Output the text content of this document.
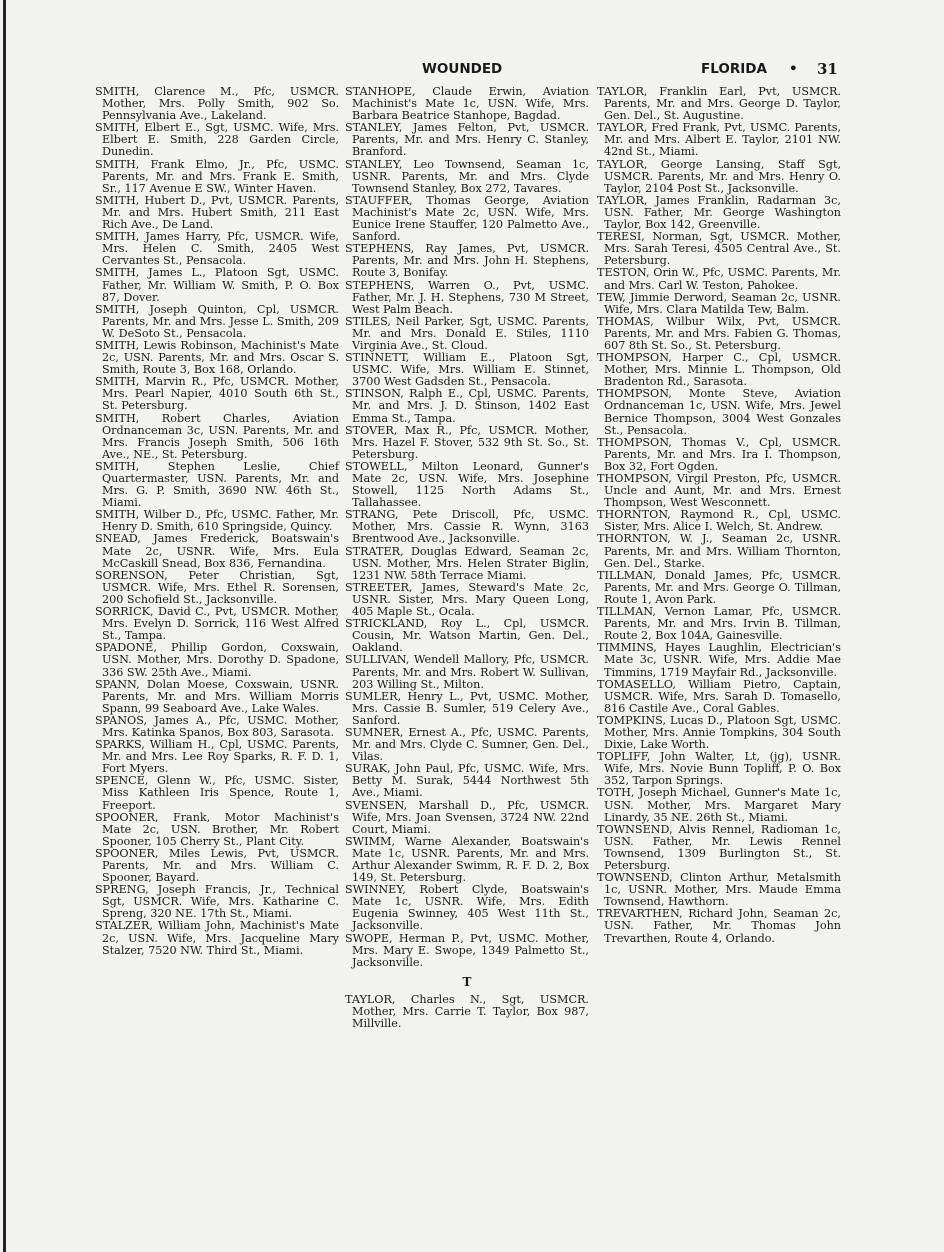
WOUNDED	FLORIDA • 31

SMITH, Clarence M., Pfc, USMCR. Mother, Mrs. Polly Smith, 902 So. Pennsylvania Ave., Lakeland.

SMITH, Elbert E., Sgt, USMC. Wife, Mrs. Elbert E. Smith, 228 Garden Circle, Dunedin.

SMITH, Frank Elmo, Jr., Pfc, USMC. Parents, Mr. and Mrs. Frank E. Smith, Sr., 117 Avenue E SW., Winter Haven.

SMITH, Hubert D., Pvt, USMCR. Parents, Mr. and Mrs. Hubert Smith, 211 East Rich Ave., De Land.

SMITH, James Harry, Pfc, USMCR. Wife, Mrs. Helen C. Smith, 2405 West Cervantes St., Pensacola.

SMITH, James L., Platoon Sgt, USMC. Father, Mr. William W. Smith, P. O. Box 87, Dover.

SMITH, Joseph Quinton, Cpl, USMCR. Parents, Mr. and Mrs. Jesse L. Smith, 209 W. DeSoto St., Pensacola.

SMITH, Lewis Robinson, Machinist's Mate 2c, USN. Parents, Mr. and Mrs. Oscar S. Smith, Route 3, Box 168, Orlando.

SMITH, Marvin R., Pfc, USMCR. Mother, Mrs. Pearl Napier, 4010 South 6th St., St. Petersburg.

SMITH, Robert Charles, Aviation Ordnanceman 3c, USN. Parents, Mr. and Mrs. Francis Joseph Smith, 506 16th Ave., NE., St. Petersburg.

SMITH, Stephen Leslie, Chief Quartermaster, USN. Parents, Mr. and Mrs. G. P. Smith, 3690 NW. 46th St., Miami.

SMITH, Wilber D., Pfc, USMC. Father, Mr. Henry D. Smith, 610 Springside, Quincy.

SNEAD, James Frederick, Boatswain's Mate 2c, USNR. Wife, Mrs. Eula McCaskill Snead, Box 836, Fernandina.

SORENSON, Peter Christian, Sgt, USMCR. Wife, Mrs. Ethel R. Sorensen, 200 Schofield St., Jacksonville.

SORRICK, David C., Pvt, USMCR. Mother, Mrs. Evelyn D. Sorrick, 116 West Alfred St., Tampa.

SPADONE, Phillip Gordon, Coxswain, USN. Mother, Mrs. Dorothy D. Spadone, 336 SW. 25th Ave., Miami.

SPANN, Dolan Moese, Coxswain, USNR. Parents, Mr. and Mrs. William Morris Spann, 99 Seaboard Ave., Lake Wales.

SPANOS, James A., Pfc, USMC. Mother, Mrs. Katinka Spanos, Box 803, Sarasota.

SPARKS, William H., Cpl, USMC. Parents, Mr. and Mrs. Lee Roy Sparks, R. F. D. 1, Fort Myers.

SPENCE, Glenn W., Pfc, USMC. Sister, Miss Kathleen Iris Spence, Route 1, Freeport.

SPOONER, Frank, Motor Machinist's Mate 2c, USN. Brother, Mr. Robert Spooner, 105 Cherry St., Plant City.

SPOONER, Miles Lewis, Pvt, USMCR. Parents, Mr. and Mrs. William C. Spooner, Bayard.

SPRENG, Joseph Francis, Jr., Technical Sgt, USMCR. Wife, Mrs. Katharine C. Spreng, 320 NE. 17th St., Miami.

STALZER, William John, Machinist's Mate 2c, USN. Wife, Mrs. Jacqueline Mary Stalzer, 7520 NW. Third St., Miami.

STANHOPE, Claude Erwin, Aviation Machinist's Mate 1c, USN. Wife, Mrs. Barbara Beatrice Stanhope, Bagdad.

STANLEY, James Felton, Pvt, USMCR. Parents, Mr. and Mrs. Henry C. Stanley, Branford.

STANLEY, Leo Townsend, Seaman 1c, USNR. Parents, Mr. and Mrs. Clyde Townsend Stanley, Box 272, Tavares.

STAUFFER, Thomas George, Aviation Machinist's Mate 2c, USN. Wife, Mrs. Eunice Irene Stauffer, 120 Palmetto Ave., Sanford.

STEPHENS, Ray James, Pvt, USMCR. Parents, Mr. and Mrs. John H. Stephens, Route 3, Bonifay.

STEPHENS, Warren O., Pvt, USMC. Father, Mr. J. H. Stephens, 730 M Street, West Palm Beach.

STILES, Neil Parker, Sgt, USMC. Parents, Mr. and Mrs. Donald E. Stiles, 1110 Virginia Ave., St. Cloud.

STINNETT, William E., Platoon Sgt, USMC. Wife, Mrs. William E. Stinnet, 3700 West Gadsden St., Pensacola.

STINSON, Ralph E., Cpl, USMC. Parents, Mr. and Mrs. J. D. Stinson, 1402 East Emma St., Tampa.

STOVER, Max R., Pfc, USMCR. Mother, Mrs. Hazel F. Stover, 532 9th St. So., St. Petersburg.

STOWELL, Milton Leonard, Gunner's Mate 2c, USN. Wife, Mrs. Josephine Stowell, 1125 North Adams St., Tallahassee.

STRANG, Pete Driscoll, Pfc, USMC. Mother, Mrs. Cassie R. Wynn, 3163 Brentwood Ave., Jacksonville.

STRATER, Douglas Edward, Seaman 2c, USN. Mother, Mrs. Helen Strater Biglin, 1231 NW. 58th Terrace Miami.

STREETER, James, Steward's Mate 2c, USNR. Sister, Mrs. Mary Queen Long, 405 Maple St., Ocala.

STRICKLAND, Roy L., Cpl, USMCR. Cousin, Mr. Watson Martin, Gen. Del., Oakland.

SULLIVAN, Wendell Mallory, Pfc, USMCR. Parents, Mr. and Mrs. Robert W. Sullivan, 203 Willing St., Milton.

SUMLER, Henry L., Pvt, USMC. Mother, Mrs. Cassie B. Sumler, 519 Celery Ave., Sanford.

SUMNER, Ernest A., Pfc, USMC. Parents, Mr. and Mrs. Clyde C. Sumner, Gen. Del., Vilas.

SURAK, John Paul, Pfc, USMC. Wife, Mrs. Betty M. Surak, 5444 Northwest 5th Ave., Miami.

SVENSEN, Marshall D., Pfc, USMCR. Wife, Mrs. Joan Svensen, 3724 NW. 22nd Court, Miami.

SWIMM, Warne Alexander, Boatswain's Mate 1c, USNR. Parents, Mr. and Mrs. Arthur Alexander Swimm, R. F. D. 2, Box 149, St. Petersburg.

SWINNEY, Robert Clyde, Boatswain's Mate 1c, USNR. Wife, Mrs. Edith Eugenia Swinney, 405 West 11th St., Jacksonville.

SWOPE, Herman P., Pvt, USMC. Mother, Mrs. Mary E. Swope, 1349 Palmetto St., Jacksonville.

T

TAYLOR, Charles N., Sgt, USMCR. Mother, Mrs. Carrie T. Taylor, Box 987, Millville.

TAYLOR, Franklin Earl, Pvt, USMCR. Parents, Mr. and Mrs. George D. Taylor, Gen. Del., St. Augustine.

TAYLOR, Fred Frank, Pvt, USMC. Parents, Mr. and Mrs. Albert E. Taylor, 2101 NW. 42nd St., Miami.

TAYLOR, George Lansing, Staff Sgt, USMCR. Parents, Mr. and Mrs. Henry O. Taylor, 2104 Post St., Jacksonville.

TAYLOR, James Franklin, Radarman 3c, USN. Father, Mr. George Washington Taylor, Box 142, Greenville.

TERESI, Norman, Sgt, USMCR. Mother, Mrs. Sarah Teresi, 4505 Central Ave., St. Petersburg.

TESTON, Orin W., Pfc, USMC. Parents, Mr. and Mrs. Carl W. Teston, Pahokee.

TEW, Jimmie Derword, Seaman 2c, USNR. Wife, Mrs. Clara Matilda Tew, Balm.

THOMAS, Wilbur Wilx, Pvt, USMCR. Parents, Mr. and Mrs. Fabien G. Thomas, 607 8th St. So., St. Petersburg.

THOMPSON, Harper C., Cpl, USMCR. Mother, Mrs. Minnie L. Thompson, Old Bradenton Rd., Sarasota.

THOMPSON, Monte Steve, Aviation Ordnanceman 1c, USN. Wife, Mrs. Jewel Bernice Thompson, 3004 West Gonzales St., Pensacola.

THOMPSON, Thomas V., Cpl, USMCR. Parents, Mr. and Mrs. Ira I. Thompson, Box 32, Fort Ogden.

THOMPSON, Virgil Preston, Pfc, USMCR. Uncle and Aunt, Mr. and Mrs. Ernest Thompson, West Wesconnett.

THORNTON, Raymond R., Cpl, USMC. Sister, Mrs. Alice I. Welch, St. Andrew.

THORNTON, W. J., Seaman 2c, USNR. Parents, Mr. and Mrs. William Thornton, Gen. Del., Starke.

TILLMAN, Donald James, Pfc, USMCR. Parents, Mr. and Mrs. George O. Tillman, Route 1, Avon Park.

TILLMAN, Vernon Lamar, Pfc, USMCR. Parents, Mr. and Mrs. Irvin B. Tillman, Route 2, Box 104A, Gainesville.

TIMMINS, Hayes Laughlin, Electrician's Mate 3c, USNR. Wife, Mrs. Addie Mae Timmins, 1719 Mayfair Rd., Jacksonville.

TOMASELLO, William Pietro, Captain, USMCR. Wife, Mrs. Sarah D. Tomasello, 816 Castile Ave., Coral Gables.

TOMPKINS, Lucas D., Platoon Sgt, USMC. Mother, Mrs. Annie Tompkins, 304 South Dixie, Lake Worth.

TOPLIFF, John Walter, Lt, (jg), USNR. Wife, Mrs. Novie Bunn Topliff, P. O. Box 352, Tarpon Springs.

TOTH, Joseph Michael, Gunner's Mate 1c, USN. Mother, Mrs. Margaret Mary Linardy, 35 NE. 26th St., Miami.

TOWNSEND, Alvis Rennel, Radioman 1c, USN. Father, Mr. Lewis Rennel Townsend, 1309 Burlington St., St. Petersburg.

TOWNSEND, Clinton Arthur, Metalsmith 1c, USNR. Mother, Mrs. Maude Emma Townsend, Hawthorn.

TREVARTHEN, Richard John, Seaman 2c, USN. Father, Mr. Thomas John Trevarthen, Route 4, Orlando.
